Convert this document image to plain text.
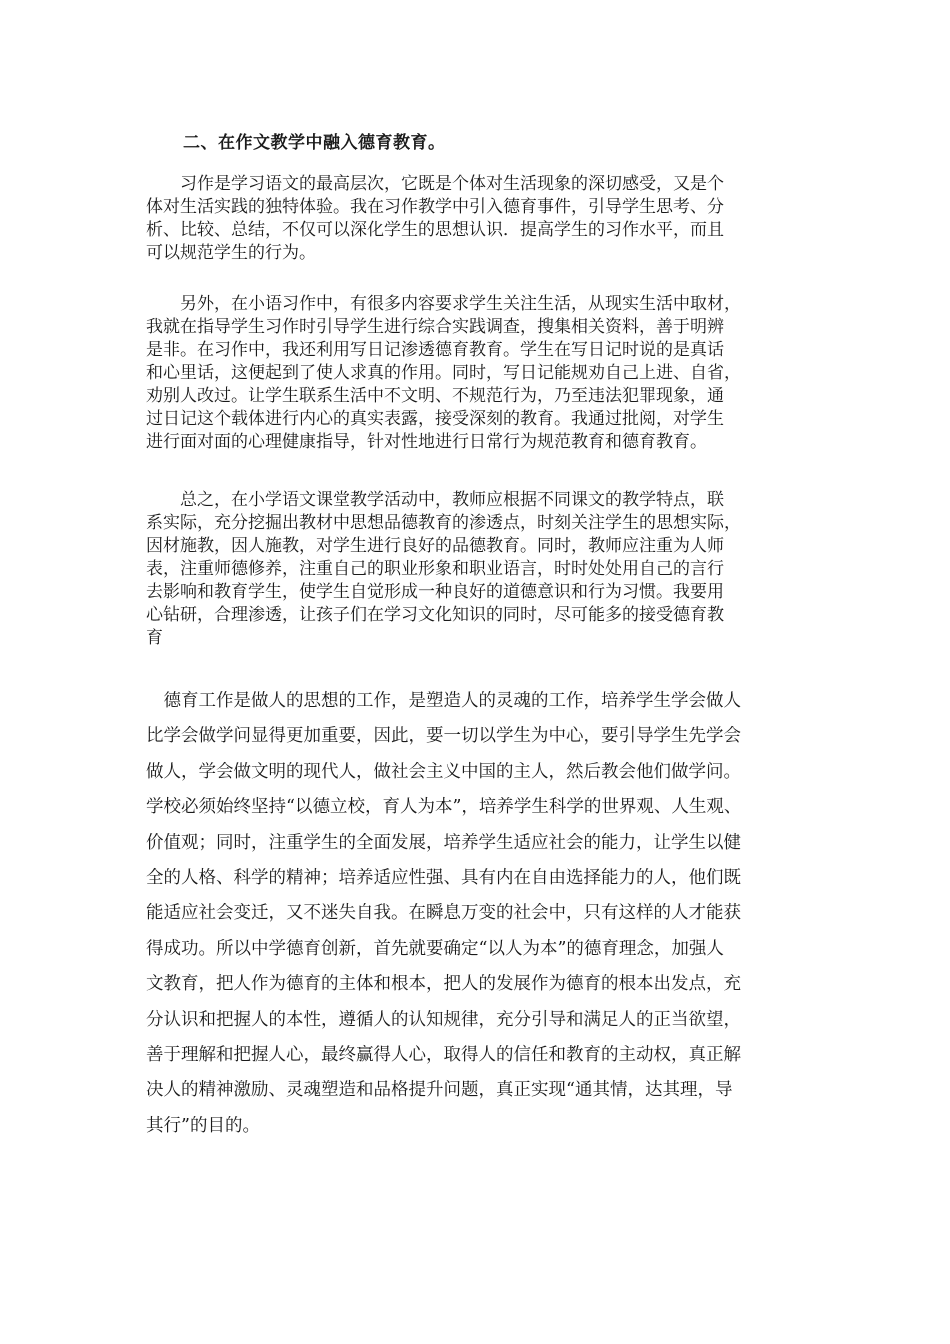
二、在作文教学中融入德育教育。
　　习作是学习语文的最高层次，它既是个体对生活现象的深切感受，又是个
体对生活实践的独特体验。我在习作教学中引入德育事件，引导学生思考、分
析、比较、总结，不仅可以深化学生的思想认识．提高学生的习作水平，而且
可以规范学生的行为。
　　另外，在小语习作中，有很多内容要求学生关注生活，从现实生活中取材，
我就在指导学生习作时引导学生进行综合实践调查，搜集相关资料，善于明辨
是非。在习作中，我还利用写日记渗透德育教育。学生在写日记时说的是真话
和心里话，这便起到了使人求真的作用。同时，写日记能规劝自己上进、自省，
劝别人改过。让学生联系生活中不文明、不规范行为，乃至违法犯罪现象，通
过日记这个载体进行内心的真实表露，接受深刻的教育。我通过批阅，对学生
进行面对面的心理健康指导，针对性地进行日常行为规范教育和德育教育。
　　总之，在小学语文课堂教学活动中，教师应根据不同课文的教学特点，联
系实际，充分挖掘出教材中思想品德教育的渗透点，时刻关注学生的思想实际，
因材施教，因人施教，对学生进行良好的品德教育。同时，教师应注重为人师
表，注重师德修养，注重自己的职业形象和职业语言，时时处处用自己的言行
去影响和教育学生，使学生自觉形成一种良好的道德意识和行为习惯。我要用
心钻研，合理渗透，让孩子们在学习文化知识的同时，尽可能多的接受德育教
育
　德育工作是做人的思想的工作，是塑造人的灵魂的工作，培养学生学会做人
比学会做学问显得更加重要，因此，要一切以学生为中心，要引导学生先学会
做人，学会做文明的现代人，做社会主义中国的主人，然后教会他们做学问。
学校必须始终坚持“以德立校，育人为本”，培养学生科学的世界观、人生观、
价值观；同时，注重学生的全面发展，培养学生适应社会的能力，让学生以健
全的人格、科学的精神；培养适应性强、具有内在自由选择能力的人，他们既
能适应社会变迁，又不迷失自我。在瞬息万变的社会中，只有这样的人才能获
得成功。所以中学德育创新，首先就要确定“以人为本”的德育理念，加强人
文教育，把人作为德育的主体和根本，把人的发展作为德育的根本出发点，充
分认识和把握人的本性，遵循人的认知规律，充分引导和满足人的正当欲望，
善于理解和把握人心，最终赢得人心，取得人的信任和教育的主动权，真正解
决人的精神激励、灵魂塑造和品格提升问题，真正实现“通其情，达其理，导
其行”的目的。
